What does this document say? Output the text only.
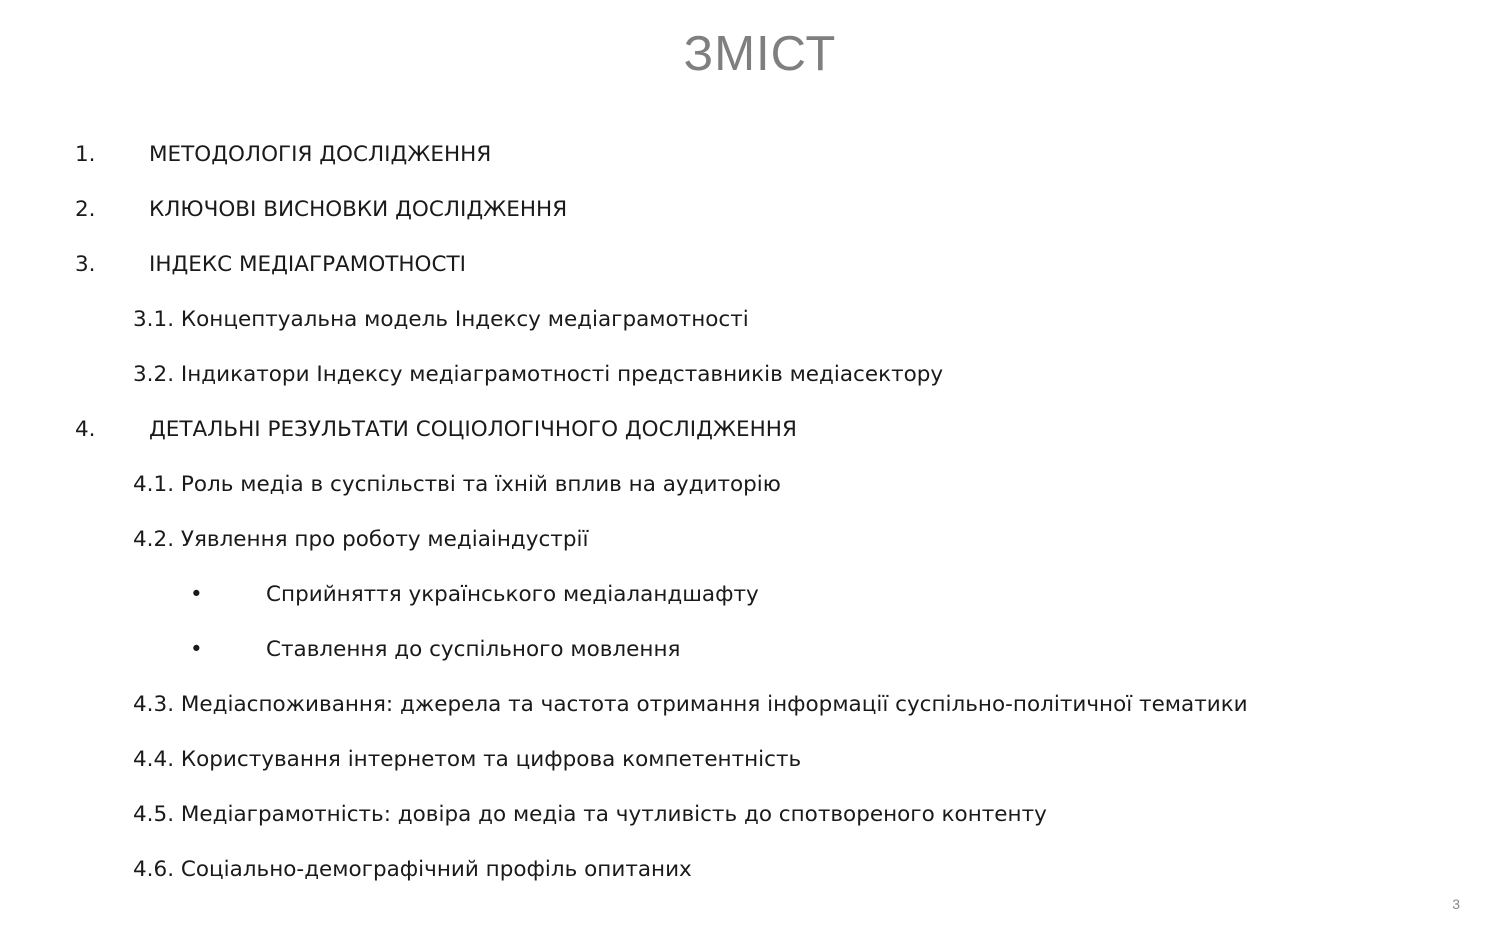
ЗМІСТ
1. МЕТОДОЛОГІЯ ДОСЛІДЖЕННЯ
2. КЛЮЧОВІ ВИСНОВКИ ДОСЛІДЖЕННЯ
3. ІНДЕКС МЕДІАГРАМОТНОСТІ
3.1. Концептуальна модель Індексу медіаграмотності
3.2. Індикатори Індексу медіаграмотності представників медіасектору
4. ДЕТАЛЬНІ РЕЗУЛЬТАТИ СОЦІОЛОГІЧНОГО ДОСЛІДЖЕННЯ
4.1. Роль медіа в суспільстві та їхній вплив на аудиторію
4.2. Уявлення про роботу медіаіндустрії
•	Сприйняття українського медіаландшафту
•	Ставлення до суспільного мовлення
4.3. Медіаспоживання: джерела та частота отримання інформації суспільно-політичної тематики
4.4. Користування інтернетом та цифрова компетентність
4.5. Медіаграмотність: довіра до медіа та чутливість до спотвореного контенту
4.6. Соціально-демографічний профіль опитаних
3
